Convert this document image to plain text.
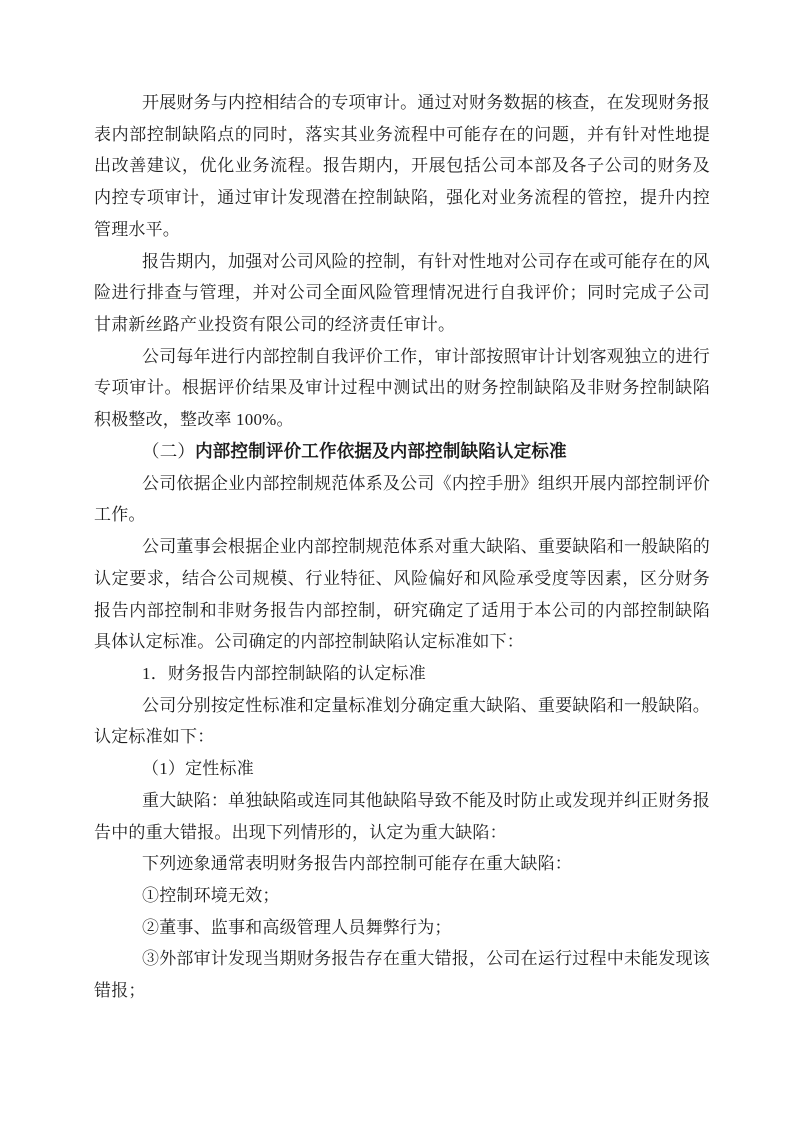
开展财务与内控相结合的专项审计。通过对财务数据的核查，在发现财务报
表内部控制缺陷点的同时，落实其业务流程中可能存在的问题，并有针对性地提
出改善建议，优化业务流程。报告期内，开展包括公司本部及各子公司的财务及
内控专项审计，通过审计发现潜在控制缺陷，强化对业务流程的管控，提升内控
管理水平。
报告期内，加强对公司风险的控制，有针对性地对公司存在或可能存在的风
险进行排查与管理，并对公司全面风险管理情况进行自我评价；同时完成子公司
甘肃新丝路产业投资有限公司的经济责任审计。
公司每年进行内部控制自我评价工作，审计部按照审计计划客观独立的进行
专项审计。根据评价结果及审计过程中测试出的财务控制缺陷及非财务控制缺陷
积极整改，整改率 100%。
（二）内部控制评价工作依据及内部控制缺陷认定标准
公司依据企业内部控制规范体系及公司《内控手册》组织开展内部控制评价
工作。
公司董事会根据企业内部控制规范体系对重大缺陷、重要缺陷和一般缺陷的
认定要求，结合公司规模、行业特征、风险偏好和风险承受度等因素，区分财务
报告内部控制和非财务报告内部控制，研究确定了适用于本公司的内部控制缺陷
具体认定标准。公司确定的内部控制缺陷认定标准如下：
1．财务报告内部控制缺陷的认定标准
公司分别按定性标准和定量标准划分确定重大缺陷、重要缺陷和一般缺陷。
认定标准如下：
（1）定性标准
重大缺陷：单独缺陷或连同其他缺陷导致不能及时防止或发现并纠正财务报
告中的重大错报。出现下列情形的，认定为重大缺陷：
下列迹象通常表明财务报告内部控制可能存在重大缺陷：
①控制环境无效；
②董事、监事和高级管理人员舞弊行为；
③外部审计发现当期财务报告存在重大错报，公司在运行过程中未能发现该
错报；
